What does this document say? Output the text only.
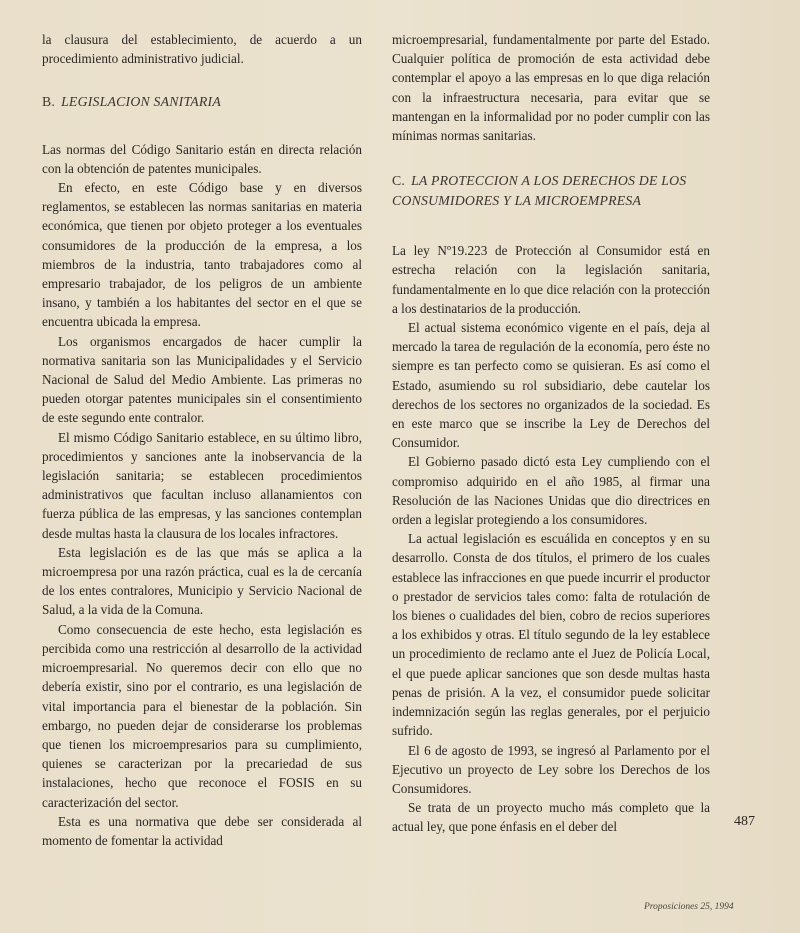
la clausura del establecimiento, de acuerdo a un procedimiento administrativo judicial.

B. LEGISLACION SANITARIA

Las normas del Código Sanitario están en directa relación con la obtención de patentes municipales.

En efecto, en este Código base y en diversos reglamentos, se establecen las normas sanitarias en materia económica, que tienen por objeto proteger a los eventuales consumidores de la producción de la empresa, a los miembros de la industria, tanto trabajadores como al empresario trabajador, de los peligros de un ambiente insano, y también a los habitantes del sector en el que se encuentra ubicada la empresa.

Los organismos encargados de hacer cumplir la normativa sanitaria son las Municipalidades y el Servicio Nacional de Salud del Medio Ambiente. Las primeras no pueden otorgar patentes municipales sin el consentimiento de este segundo ente contralor.

El mismo Código Sanitario establece, en su último libro, procedimientos y sanciones ante la inobservancia de la legislación sanitaria; se establecen procedimientos administrativos que facultan incluso allanamientos con fuerza pública de las empresas, y las sanciones contemplan desde multas hasta la clausura de los locales infractores.

Esta legislación es de las que más se aplica a la microempresa por una razón práctica, cual es la de cercanía de los entes contralores, Municipio y Servicio Nacional de Salud, a la vida de la Comuna.

Como consecuencia de este hecho, esta legislación es percibida como una restricción al desarrollo de la actividad microempresarial. No queremos decir con ello que no debería existir, sino por el contrario, es una legislación de vital importancia para el bienestar de la población. Sin embargo, no pueden dejar de considerarse los problemas que tienen los microempresarios para su cumplimiento, quienes se caracterizan por la precariedad de sus instalaciones, hecho que reconoce el FOSIS en su caracterización del sector.

Esta es una normativa que debe ser considerada al momento de fomentar la actividad

microempresarial, fundamentalmente por parte del Estado. Cualquier política de promoción de esta actividad debe contemplar el apoyo a las empresas en lo que diga relación con la infraestructura necesaria, para evitar que se mantengan en la informalidad por no poder cumplir con las mínimas normas sanitarias.

C. LA PROTECCION A LOS DERECHOS DE LOS CONSUMIDORES Y LA MICROEMPRESA

La ley Nº19.223 de Protección al Consumidor está en estrecha relación con la legislación sanitaria, fundamentalmente en lo que dice relación con la protección a los destinatarios de la producción.

El actual sistema económico vigente en el país, deja al mercado la tarea de regulación de la economía, pero éste no siempre es tan perfecto como se quisieran. Es así como el Estado, asumiendo su rol subsidiario, debe cautelar los derechos de los sectores no organizados de la sociedad. Es en este marco que se inscribe la Ley de Derechos del Consumidor.

El Gobierno pasado dictó esta Ley cumpliendo con el compromiso adquirido en el año 1985, al firmar una Resolución de las Naciones Unidas que dio directrices en orden a legislar protegiendo a los consumidores.

La actual legislación es escuálida en conceptos y en su desarrollo. Consta de dos títulos, el primero de los cuales establece las infracciones en que puede incurrir el productor o prestador de servicios tales como: falta de rotulación de los bienes o cualidades del bien, cobro de recios superiores a los exhibidos y otras. El título segundo de la ley establece un procedimiento de reclamo ante el Juez de Policía Local, el que puede aplicar sanciones que son desde multas hasta penas de prisión. A la vez, el consumidor puede solicitar indemnización según las reglas generales, por el perjuicio sufrido.

El 6 de agosto de 1993, se ingresó al Parlamento por el Ejecutivo un proyecto de Ley sobre los Derechos de los Consumidores.

Se trata de un proyecto mucho más completo que la actual ley, que pone énfasis en el deber del	487
Proposiciones 25, 1994
